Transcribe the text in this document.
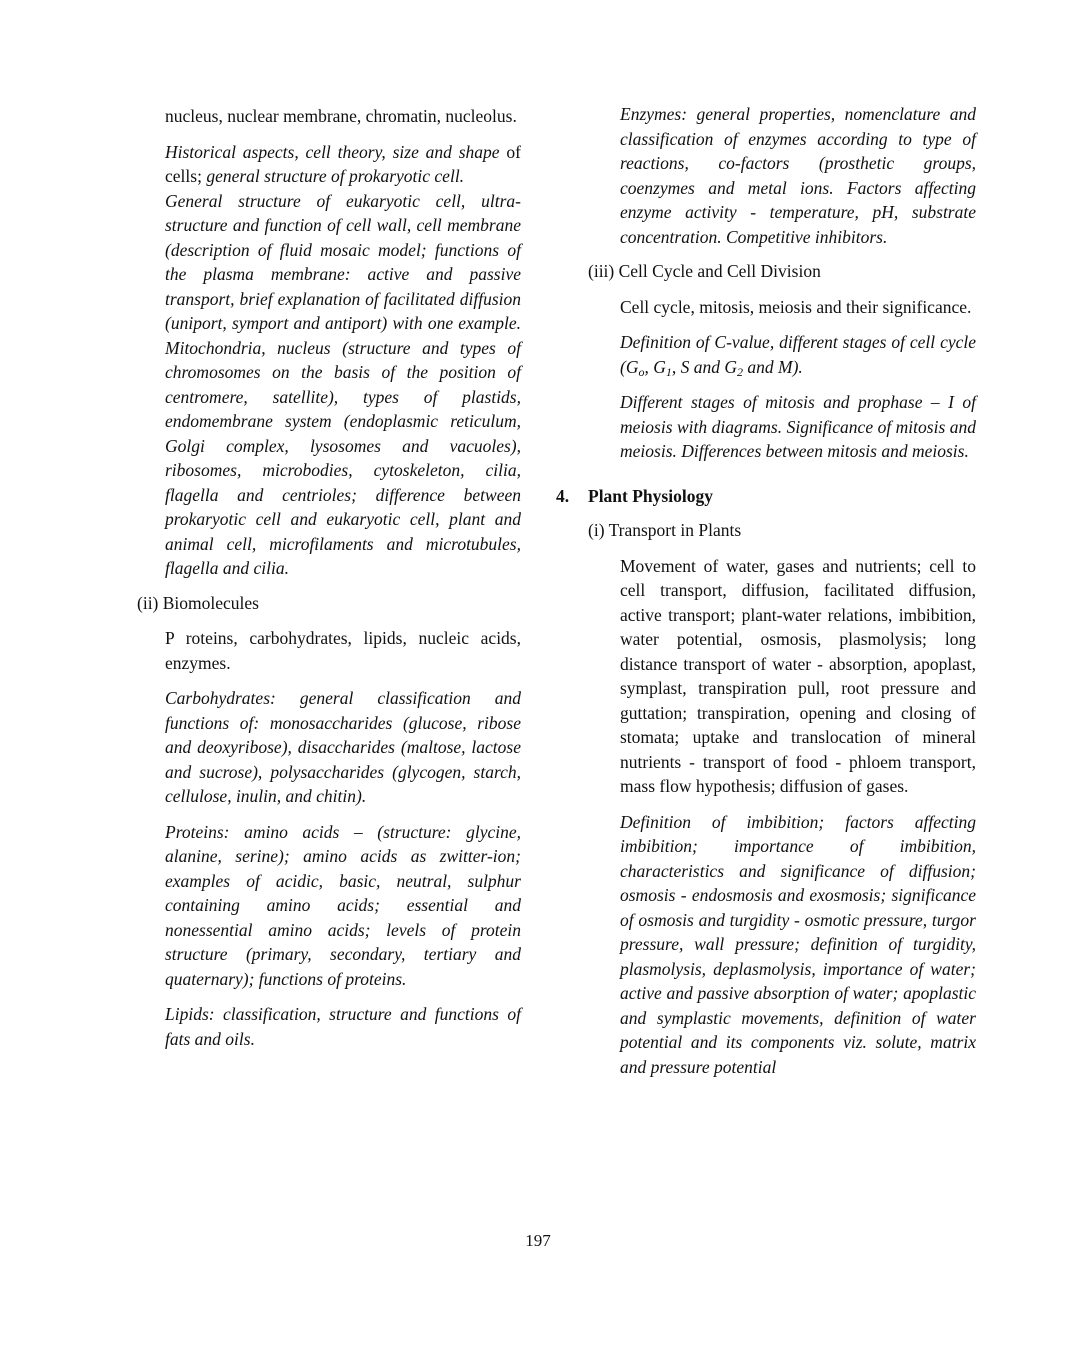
nucleus, nuclear membrane, chromatin, nucleolus.

Historical aspects, cell theory, size and shape of cells; general structure of prokaryotic cell.

General structure of eukaryotic cell, ultra-structure and function of cell wall, cell membrane (description of fluid mosaic model; functions of the plasma membrane: active and passive transport, brief explanation of facilitated diffusion (uniport, symport and antiport) with one example. Mitochondria, nucleus (structure and types of chromosomes on the basis of the position of centromere, satellite), types of plastids, endomembrane system (endoplasmic reticulum, Golgi complex, lysosomes and vacuoles), ribosomes, microbodies, cytoskeleton, cilia, flagella and centrioles; difference between prokaryotic cell and eukaryotic cell, plant and animal cell, microfilaments and microtubules, flagella and cilia.

(ii) Biomolecules

P roteins, carbohydrates, lipids, nucleic acids, enzymes.

Carbohydrates: general classification and functions of: monosaccharides (glucose, ribose and deoxyribose), disaccharides (maltose, lactose and sucrose), polysaccharides (glycogen, starch, cellulose, inulin, and chitin).

Proteins: amino acids – (structure: glycine, alanine, serine); amino acids as zwitter-ion; examples of acidic, basic, neutral, sulphur containing amino acids; essential and nonessential amino acids; levels of protein structure (primary, secondary, tertiary and quaternary); functions of proteins.

Lipids: classification, structure and functions of fats and oils.

Enzymes: general properties, nomenclature and classification of enzymes according to type of reactions, co-factors (prosthetic groups, coenzymes and metal ions. Factors affecting enzyme activity - temperature, pH, substrate concentration. Competitive inhibitors.

(iii) Cell Cycle and Cell Division

Cell cycle, mitosis, meiosis and their significance.

Definition of C-value, different stages of cell cycle ($G_o$, $G_1$, S and $G_2$ and M).

Different stages of mitosis and prophase – I of meiosis with diagrams. Significance of mitosis and meiosis. Differences between mitosis and meiosis.

4. Plant Physiology

(i) Transport in Plants

Movement of water, gases and nutrients; cell to cell transport, diffusion, facilitated diffusion, active transport; plant-water relations, imbibition, water potential, osmosis, plasmolysis; long distance transport of water - absorption, apoplast, symplast, transpiration pull, root pressure and guttation; transpiration, opening and closing of stomata; uptake and translocation of mineral nutrients - transport of food - phloem transport, mass flow hypothesis; diffusion of gases.

Definition of imbibition; factors affecting imbibition; importance of imbibition, characteristics and significance of diffusion; osmosis - endosmosis and exosmosis; significance of osmosis and turgidity - osmotic pressure, turgor pressure, wall pressure; definition of turgidity, plasmolysis, deplasmolysis, importance of water; active and passive absorption of water; apoplastic and symplastic movements, definition of water potential and its components viz. solute, matrix and pressure potential

197
